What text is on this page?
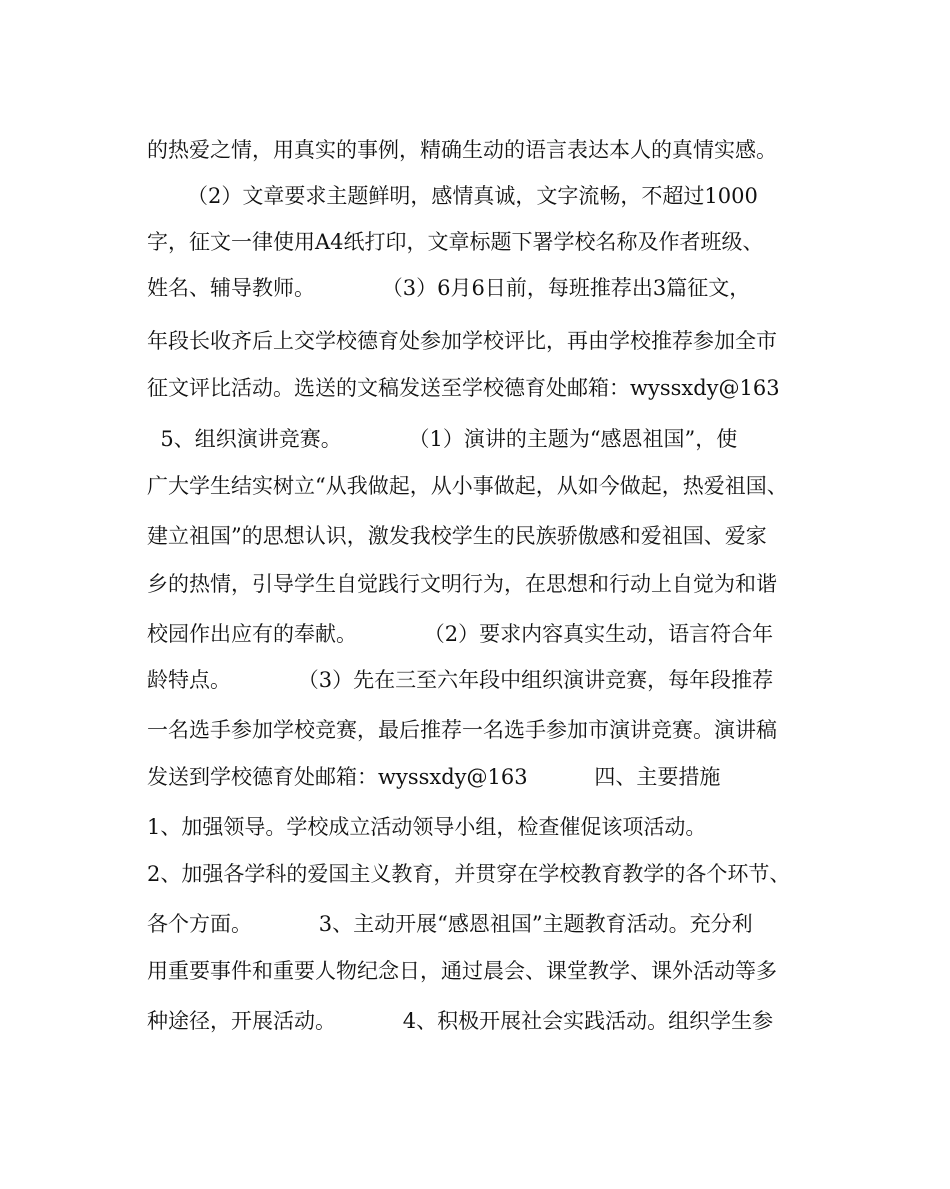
的热爱之情，用真实的事例，精确生动的语言表达本人的真情实感。
（2）文章要求主题鲜明，感情真诚，文字流畅，不超过1000
字，征文一律使用A4纸打印，文章标题下署学校名称及作者班级、
姓名、辅导教师。          （3）6月6日前，每班推荐出3篇征文，
年段长收齐后上交学校德育处参加学校评比，再由学校推荐参加全市
征文评比活动。选送的文稿发送至学校德育处邮箱：wyssxdy@163
5、组织演讲竞赛。          （1）演讲的主题为“感恩祖国”，使
广大学生结实树立“从我做起，从小事做起，从如今做起，热爱祖国、
建立祖国”的思想认识，激发我校学生的民族骄傲感和爱祖国、爱家
乡的热情，引导学生自觉践行文明行为，在思想和行动上自觉为和谐
校园作出应有的奉献。          （2）要求内容真实生动，语言符合年
龄特点。          （3）先在三至六年段中组织演讲竞赛，每年段推荐
一名选手参加学校竞赛，最后推荐一名选手参加市演讲竞赛。演讲稿
发送到学校德育处邮箱：wyssxdy@163          四、主要措施
1、加强领导。学校成立活动领导小组，检查催促该项活动。
2、加强各学科的爱国主义教育，并贯穿在学校教育教学的各个环节、
各个方面。          3、主动开展“感恩祖国”主题教育活动。充分利
用重要事件和重要人物纪念日，通过晨会、课堂教学、课外活动等多
种途径，开展活动。          4、积极开展社会实践活动。组织学生参
